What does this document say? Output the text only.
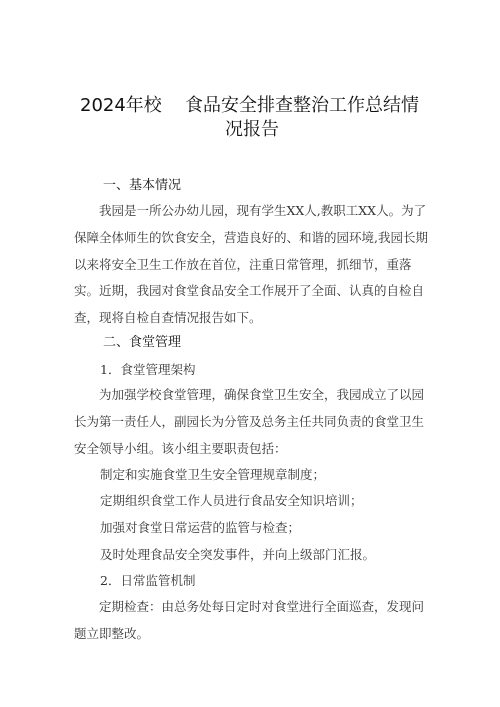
2024年校 食品安全排查整治工作总结情
况报告
一、基本情况
我园是一所公办幼儿园，现有学生XX人,教职工XX人。为了保障全体师生的饮食安全，营造良好的、和谐的园环境,我园长期以来将安全卫生工作放在首位，注重日常管理，抓细节，重落实。近期，我园对食堂食品安全工作展开了全面、认真的自检自查，现将自检自查情况报告如下。
二、食堂管理
1．食堂管理架构
为加强学校食堂管理，确保食堂卫生安全，我园成立了以园长为第一责任人，副园长为分管及总务主任共同负责的食堂卫生安全领导小组。该小组主要职责包括：
制定和实施食堂卫生安全管理规章制度；
定期组织食堂工作人员进行食品安全知识培训；
加强对食堂日常运营的监管与检查；
及时处理食品安全突发事件，并向上级部门汇报。
2．日常监管机制
定期检查：由总务处每日定时对食堂进行全面巡查，发现问题立即整改。
